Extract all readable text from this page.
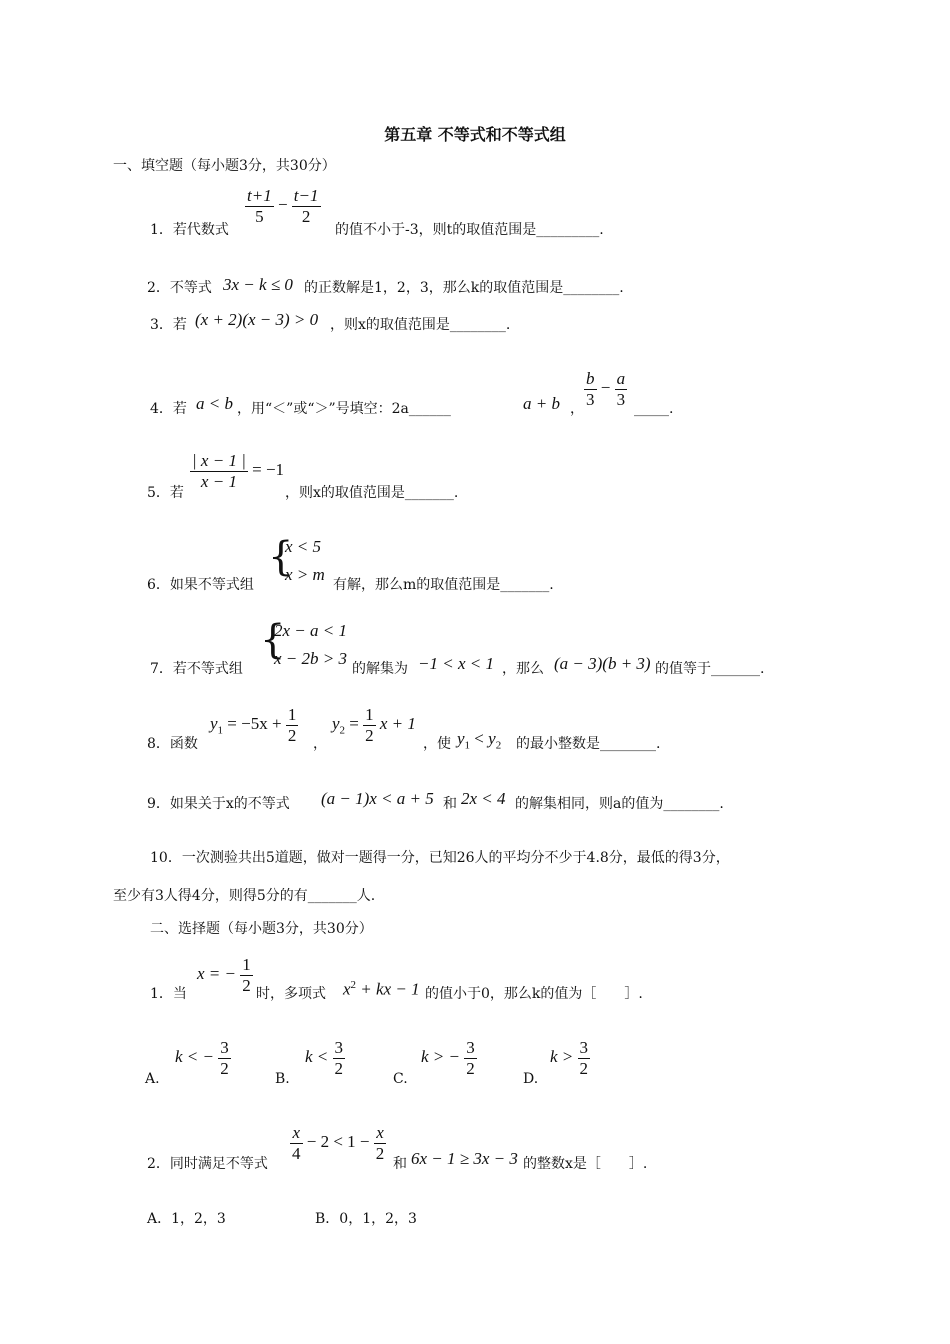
第五章 不等式和不等式组
一、填空题（每小题3分，共30分）
1．若代数式
$\frac{t+1}{5} - \frac{t-1}{2}$
的值不小于-3，则t的取值范围是_________.
2．不等式 3x − k ≤ 0 的正数解是1，2，3，那么k的取值范围是________.
3．若 (x + 2)(x − 3) > 0 ，则x的取值范围是________.
4．若 a < b ，用“＜”或“＞”号填空：2a______	a + b ， $\frac{b}{3} - \frac{a}{3}$ _____.
5．若
$\frac{| x - 1 |}{x - 1} = -1$
，则x的取值范围是_______.
6．如果不等式组
{
x < 5
x > m
有解，那么m的取值范围是_______.
7．若不等式组
{
2x − a < 1
x − 2b > 3
的解集为 −1 < x < 1 ，那么 (a − 3)(b + 3) 的值等于_______.
8．函数
$y_1 = -5x + \frac{1}{2}$ ，
$y_2 = \frac{1}{2}$ x + 1
，使 $y_1 < y_2$ 的最小整数是________.
9．如果关于x的不等式 (a − 1)x < a + 5 和 2x < 4 的解集相同，则a的值为________.
10．一次测验共出5道题，做对一题得一分，已知26人的平均分不少于4.8分，最低的得3分，
至少有3人得4分，则得5分的有_______人.
二、选择题（每小题3分，共30分）
1．当
x = − $\frac{1}{2}$ 时，多项式 $x^2$ + kx − 1 的值小于0，那么k的值为［　　］.
A.
k < − $\frac{3}{2}$
B.
$k < \frac{3}{2}$
C.
k > − $\frac{3}{2}$
D.
$k > \frac{3}{2}$
2．同时满足不等式
$\frac{x}{4} - 2 < 1 - \frac{x}{2}$
和 6x − 1 ≥ 3x − 3 的整数x是［　　］.
A．1，2，3	B．0，1，2，3
